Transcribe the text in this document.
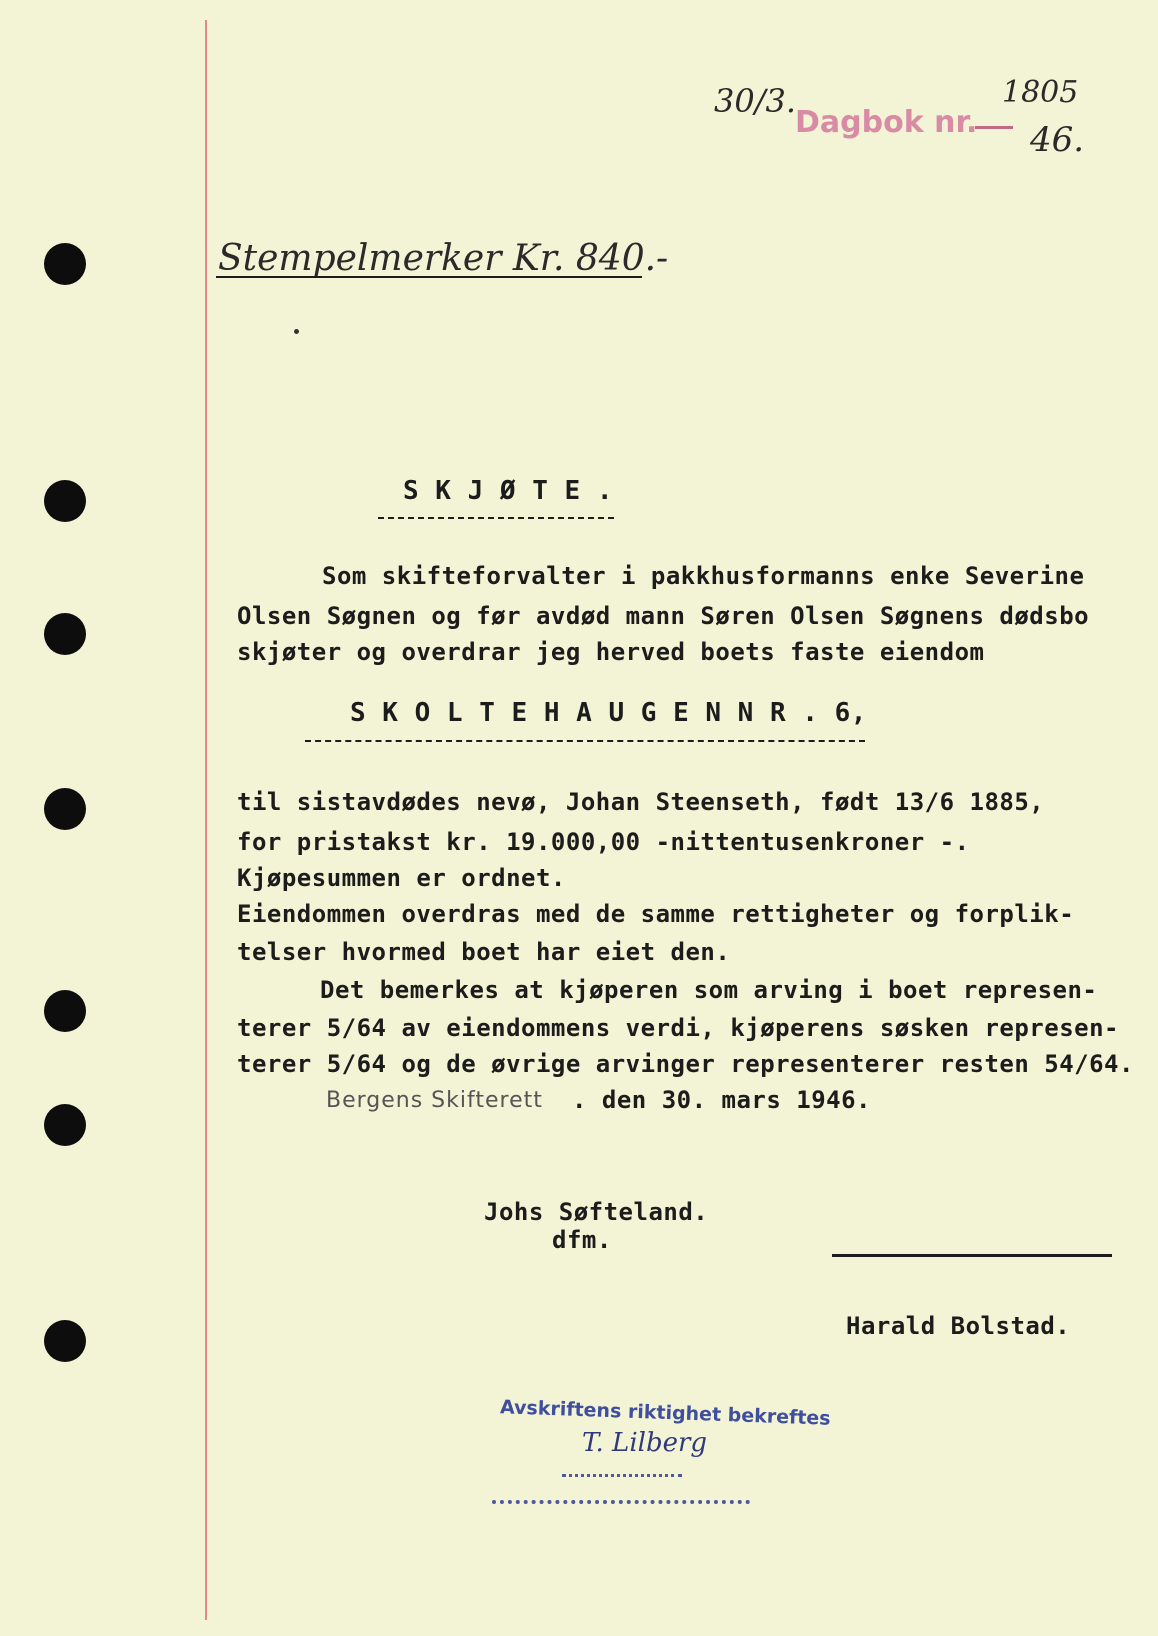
30/3.
Dagbok nr.
1805
46.
Stempelmerker Kr. 840.-
S K J Ø T E .
Som skifteforvalter i pakkhusformanns enke Severine
Olsen Søgnen og før avdød mann Søren Olsen Søgnens dødsbo
skjøter og overdrar jeg herved boets faste eiendom
S K O L T E H A U G E N N R . 6,
til sistavdødes nevø, Johan Steenseth, født 13/6 1885,
for pristakst kr. 19.000,00 -nittentusenkroner -.
Kjøpesummen er ordnet.
Eiendommen overdras med de samme rettigheter og forplik-
telser hvormed boet har eiet den.
Det bemerkes at kjøperen som arving i boet represen-
terer 5/64 av eiendommens verdi, kjøperens søsken represen-
terer 5/64 og de øvrige arvinger representerer resten 54/64.
Bergens Skifterett . den 30. mars 1946.
Johs Søfteland.
dfm.
Harald Bolstad.
Avskriftens riktighet bekreftes
T. Lilberg
